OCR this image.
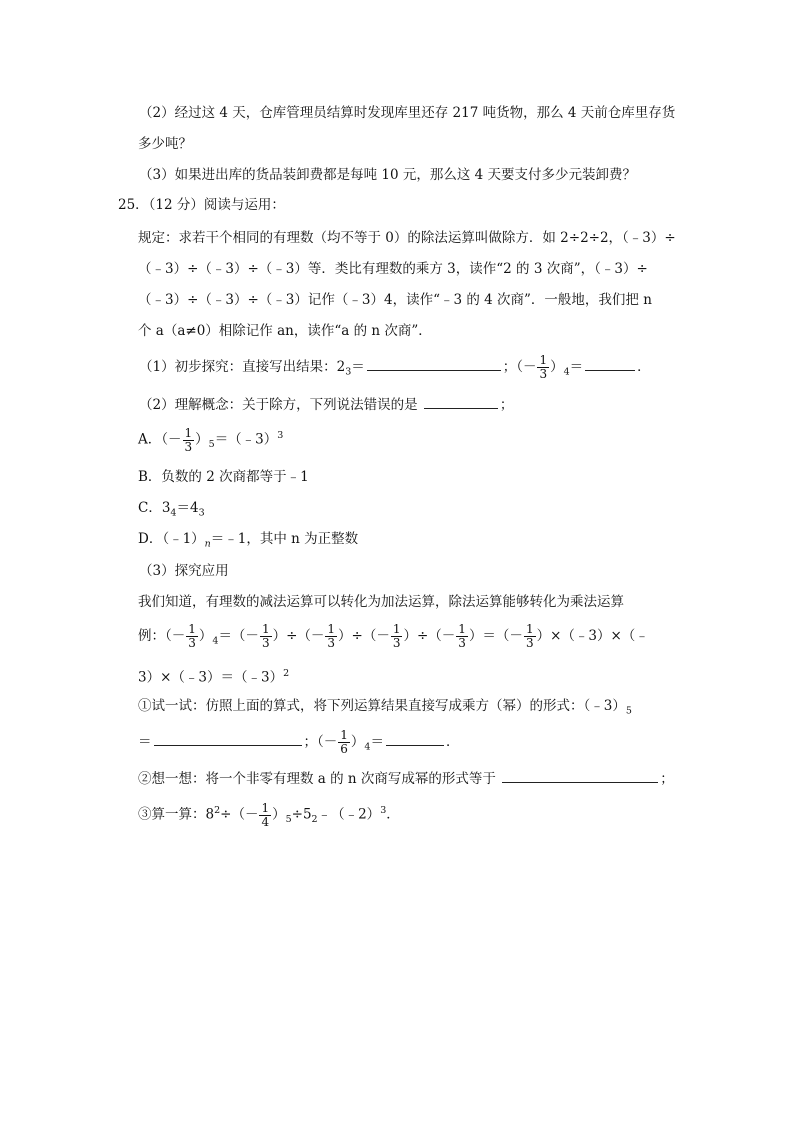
（2）经过这 4 天，仓库管理员结算时发现库里还存 217 吨货物，那么 4 天前仓库里存货
多少吨？
（3）如果进出库的货品装卸费都是每吨 10 元，那么这 4 天要支付多少元装卸费？
25．（12 分）阅读与运用：
规定：求若干个相同的有理数（均不等于 0）的除法运算叫做除方．如 2÷2÷2，（﹣3）÷
（﹣3）÷（﹣3）÷（﹣3）等．类比有理数的乘方 3，读作“2 的 3 次商”，（﹣3）÷
（﹣3）÷（﹣3）÷（﹣3）记作（﹣3）4，读作“﹣3 的 4 次商”．一般地，我们把 n
个 a（a≠0）相除记作 an，读作“a 的 n 次商”．
（1）初步探究：直接写出结果：$2_3=$	；（－ $\frac{1}{3} )_4=$	．
（2）理解概念：关于除方，下列说法错误的是	；
A．（－ $\frac{1}{3}$ ）$_5=(﹣3)^3$
B．负数的 2 次商都等于﹣1
C．$3_4=4_3$
D．$(﹣1)_n=﹣1$，其中 n 为正整数
（3）探究应用
我们知道，有理数的减法运算可以转化为加法运算，除法运算能够转化为乘法运算
例：（－ $\frac{1}{3} )_4=(- \frac{1}{3}$ ）÷（－ $\frac{1}{3}$ ）÷（－ $\frac{1}{3}$ ）÷（－ $\frac{1}{3}$ ）＝（－ $\frac{1}{3}$ ）×（﹣3）×（﹣
3）×（﹣3）＝（﹣3）$^2$
①试一试：仿照上面的算式，将下列运算结果直接写成乘方（幂）的形式：$(﹣3)_5$
＝	；（－ $\frac{1}{6} )_4=$	．
②想一想：将一个非零有理数 a 的 n 次商写成幂的形式等于	；
③算一算：$8^2\div(- \frac{1}{4}$ ）$_5\div 5_2﹣(﹣2)^3$．
